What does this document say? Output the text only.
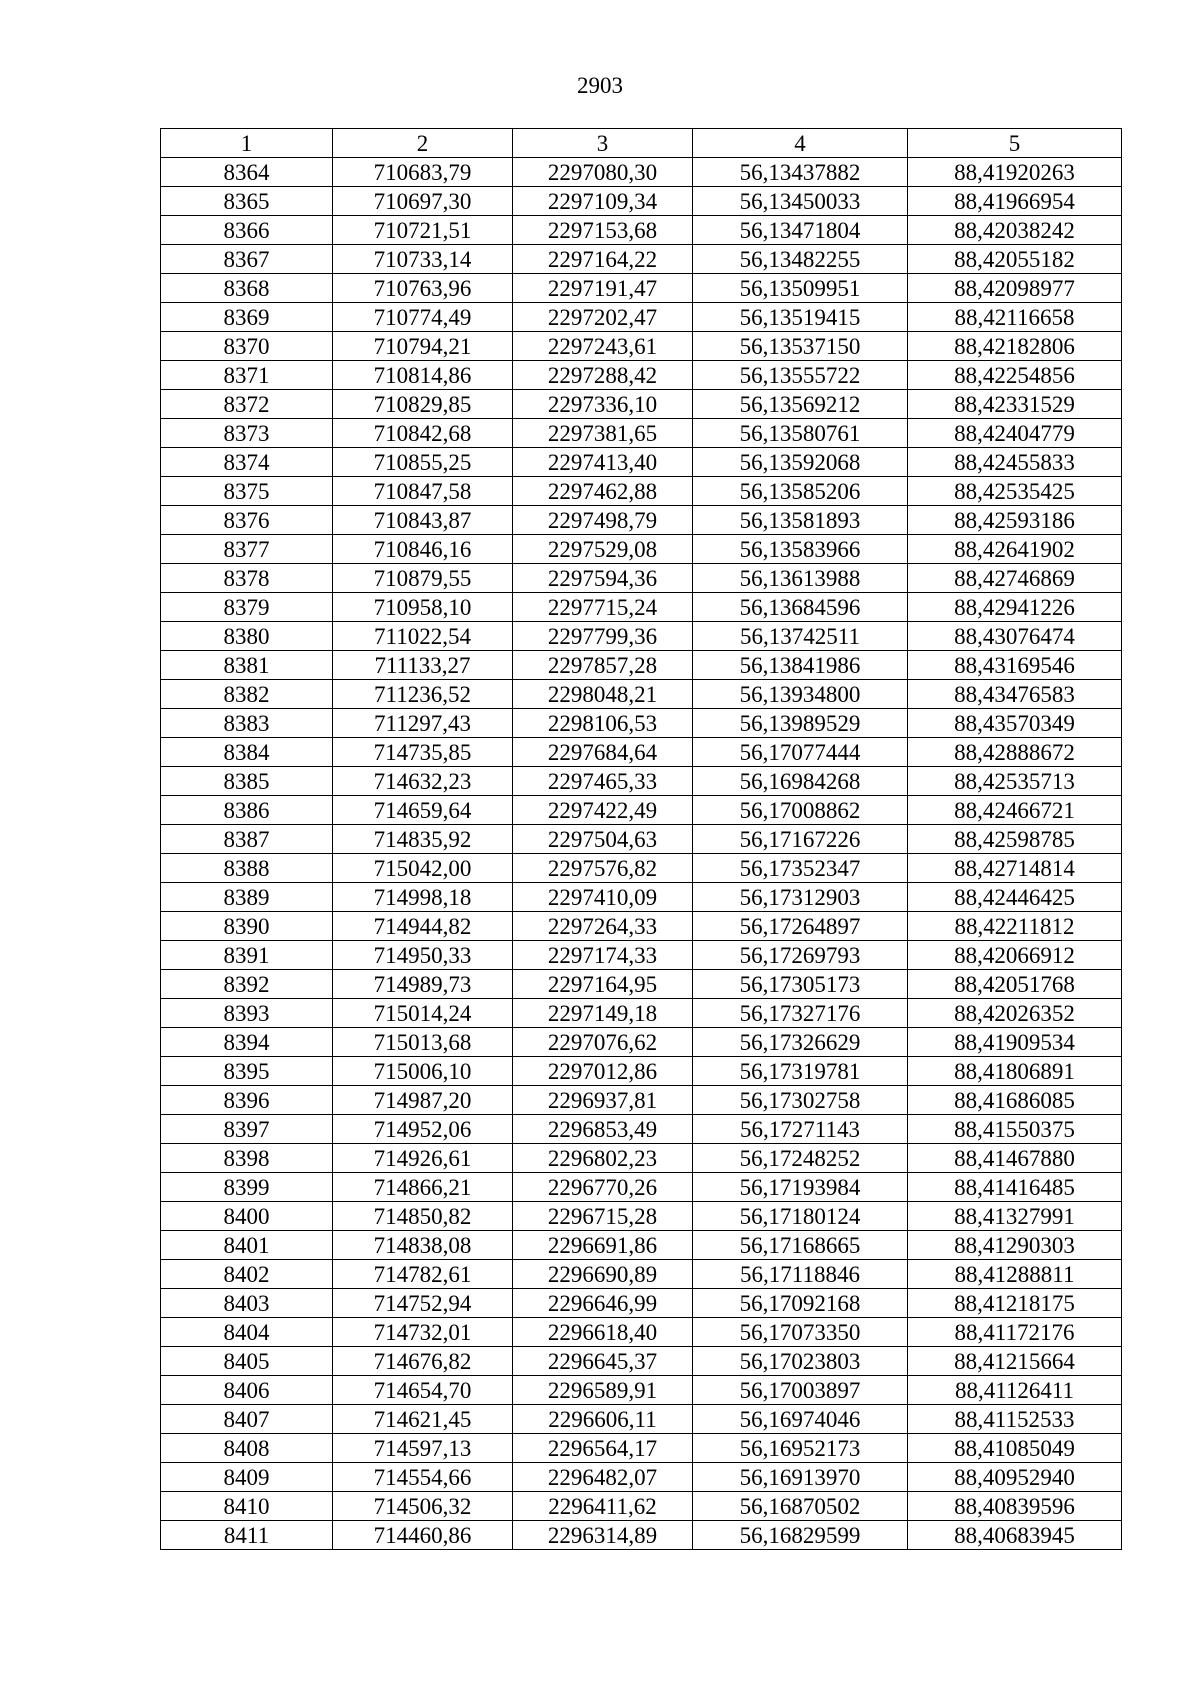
2903
1	2	3	4	5
8364	710683,79	2297080,30	56,13437882	88,41920263
8365	710697,30	2297109,34	56,13450033	88,41966954
8366	710721,51	2297153,68	56,13471804	88,42038242
8367	710733,14	2297164,22	56,13482255	88,42055182
8368	710763,96	2297191,47	56,13509951	88,42098977
8369	710774,49	2297202,47	56,13519415	88,42116658
8370	710794,21	2297243,61	56,13537150	88,42182806
8371	710814,86	2297288,42	56,13555722	88,42254856
8372	710829,85	2297336,10	56,13569212	88,42331529
8373	710842,68	2297381,65	56,13580761	88,42404779
8374	710855,25	2297413,40	56,13592068	88,42455833
8375	710847,58	2297462,88	56,13585206	88,42535425
8376	710843,87	2297498,79	56,13581893	88,42593186
8377	710846,16	2297529,08	56,13583966	88,42641902
8378	710879,55	2297594,36	56,13613988	88,42746869
8379	710958,10	2297715,24	56,13684596	88,42941226
8380	711022,54	2297799,36	56,13742511	88,43076474
8381	711133,27	2297857,28	56,13841986	88,43169546
8382	711236,52	2298048,21	56,13934800	88,43476583
8383	711297,43	2298106,53	56,13989529	88,43570349
8384	714735,85	2297684,64	56,17077444	88,42888672
8385	714632,23	2297465,33	56,16984268	88,42535713
8386	714659,64	2297422,49	56,17008862	88,42466721
8387	714835,92	2297504,63	56,17167226	88,42598785
8388	715042,00	2297576,82	56,17352347	88,42714814
8389	714998,18	2297410,09	56,17312903	88,42446425
8390	714944,82	2297264,33	56,17264897	88,42211812
8391	714950,33	2297174,33	56,17269793	88,42066912
8392	714989,73	2297164,95	56,17305173	88,42051768
8393	715014,24	2297149,18	56,17327176	88,42026352
8394	715013,68	2297076,62	56,17326629	88,41909534
8395	715006,10	2297012,86	56,17319781	88,41806891
8396	714987,20	2296937,81	56,17302758	88,41686085
8397	714952,06	2296853,49	56,17271143	88,41550375
8398	714926,61	2296802,23	56,17248252	88,41467880
8399	714866,21	2296770,26	56,17193984	88,41416485
8400	714850,82	2296715,28	56,17180124	88,41327991
8401	714838,08	2296691,86	56,17168665	88,41290303
8402	714782,61	2296690,89	56,17118846	88,41288811
8403	714752,94	2296646,99	56,17092168	88,41218175
8404	714732,01	2296618,40	56,17073350	88,41172176
8405	714676,82	2296645,37	56,17023803	88,41215664
8406	714654,70	2296589,91	56,17003897	88,41126411
8407	714621,45	2296606,11	56,16974046	88,41152533
8408	714597,13	2296564,17	56,16952173	88,41085049
8409	714554,66	2296482,07	56,16913970	88,40952940
8410	714506,32	2296411,62	56,16870502	88,40839596
8411	714460,86	2296314,89	56,16829599	88,40683945
